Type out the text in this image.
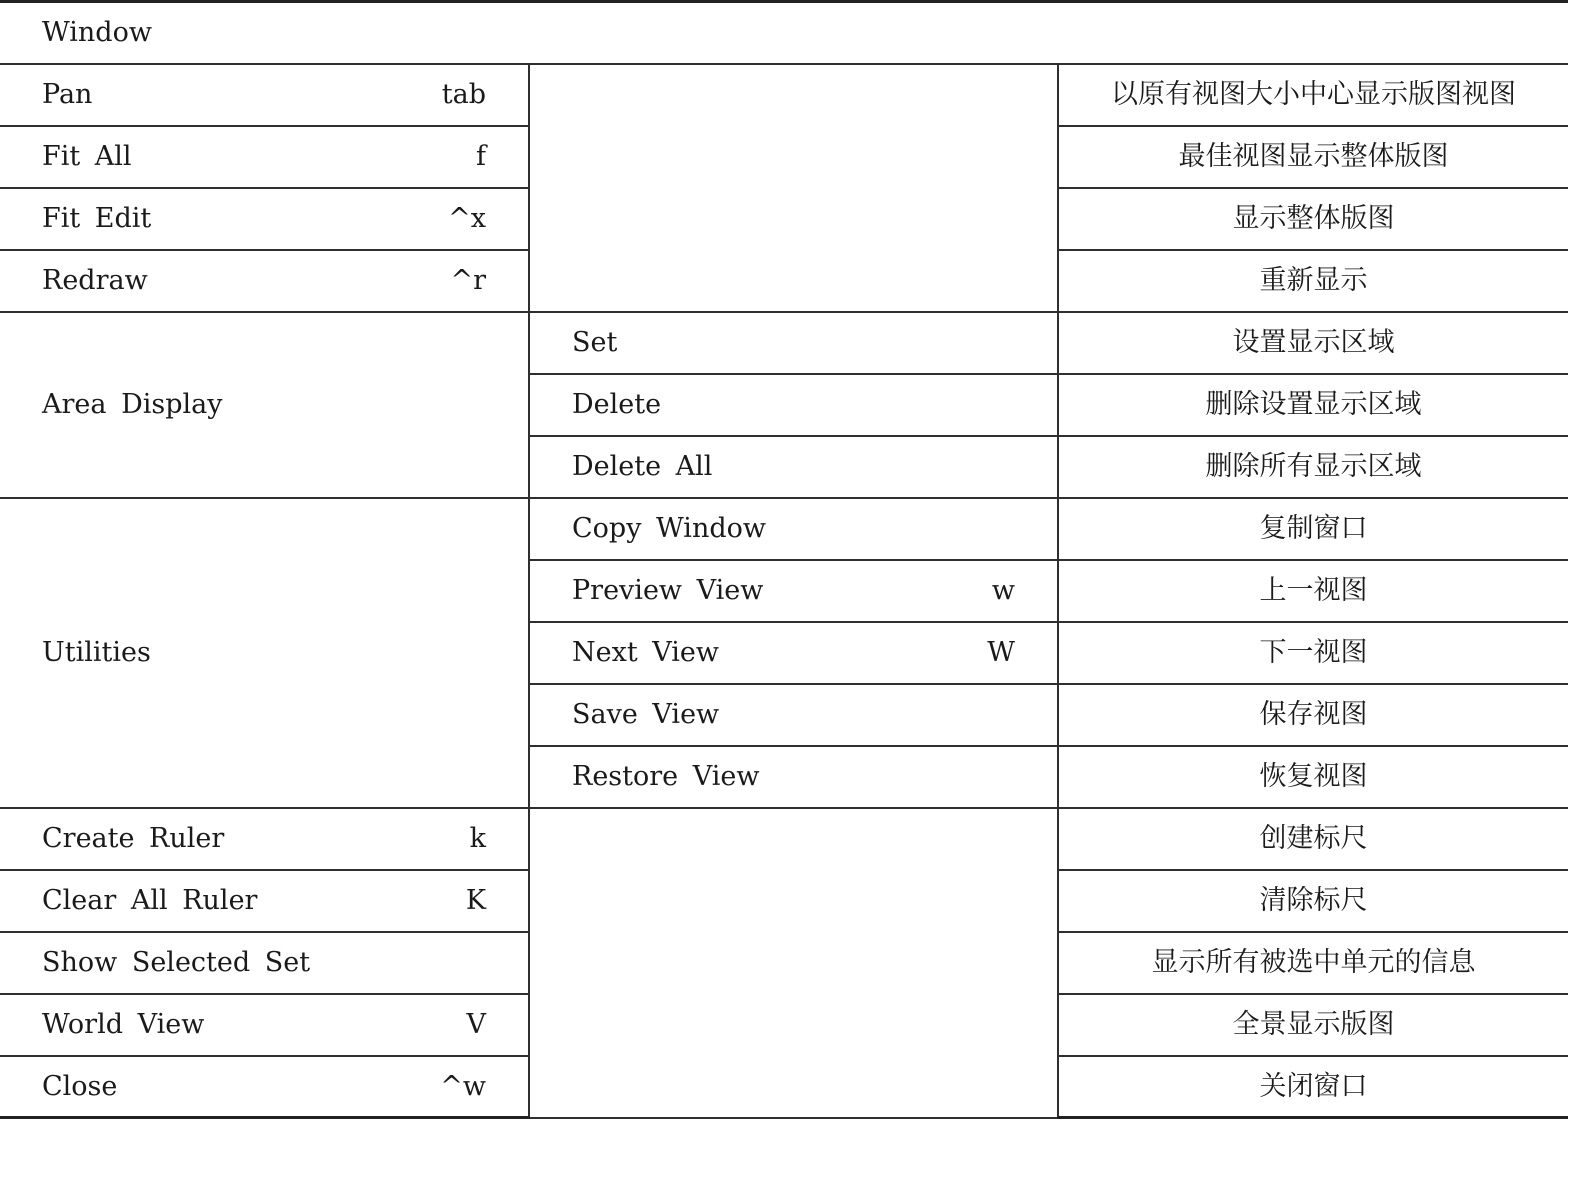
Window		

Pan tab		以原有视图大小中心显示版图视图

Fit All f		最佳视图显示整体版图

Fit Edit ^x		显示整体版图

Redraw ^r		重新显示

Area Display	Set	设置显示区域

	Delete	删除设置显示区域

	Delete All	删除所有显示区域

Utilities	Copy Window	复制窗口

	Preview View w	上一视图

	Next View W	下一视图

	Save View	保存视图

	Restore View	恢复视图

Create Ruler k		创建标尺

Clear All Ruler K		清除标尺

Show Selected Set		显示所有被选中单元的信息

World View V		全景显示版图

Close ^w		关闭窗口
